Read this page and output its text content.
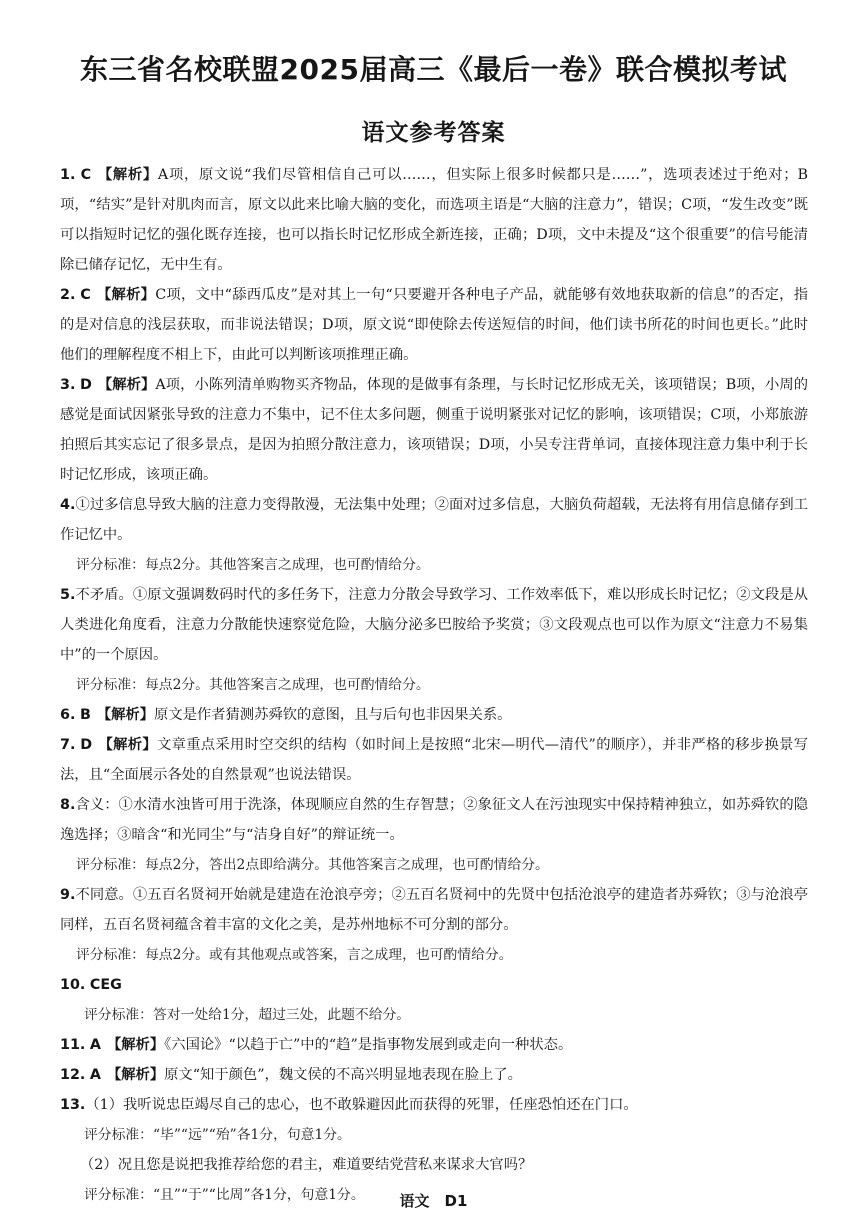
东三省名校联盟2025届高三《最后一卷》联合模拟考试
语文参考答案

1. C 【解析】A项，原文说“我们尽管相信自己可以……，但实际上很多时候都只是……”，选项表述过于绝对；B项，“结实”是针对肌肉而言，原文以此来比喻大脑的变化，而选项主语是“大脑的注意力”，错误；C项，“发生改变”既可以指短时记忆的强化既存连接，也可以指长时记忆形成全新连接，正确；D项，文中未提及“这个很重要”的信号能清除已储存记忆，无中生有。

2. C 【解析】C项，文中“舔西瓜皮”是对其上一句“只要避开各种电子产品，就能够有效地获取新的信息”的否定，指的是对信息的浅层获取，而非说法错误；D项，原文说“即使除去传送短信的时间，他们读书所花的时间也更长。”此时他们的理解程度不相上下，由此可以判断该项推理正确。

3. D 【解析】A项，小陈列清单购物买齐物品，体现的是做事有条理，与长时记忆形成无关，该项错误；B项，小周的感觉是面试因紧张导致的注意力不集中，记不住太多问题，侧重于说明紧张对记忆的影响，该项错误；C项，小郑旅游拍照后其实忘记了很多景点，是因为拍照分散注意力，该项错误；D项，小吴专注背单词，直接体现注意力集中利于长时记忆形成，该项正确。

4.①过多信息导致大脑的注意力变得散漫，无法集中处理；②面对过多信息，大脑负荷超载，无法将有用信息储存到工作记忆中。

评分标准：每点2分。其他答案言之成理，也可酌情给分。

5.不矛盾。①原文强调数码时代的多任务下，注意力分散会导致学习、工作效率低下，难以形成长时记忆；②文段是从人类进化角度看，注意力分散能快速察觉危险，大脑分泌多巴胺给予奖赏；③文段观点也可以作为原文“注意力不易集中”的一个原因。

评分标准：每点2分。其他答案言之成理，也可酌情给分。

6. B 【解析】原文是作者猜测苏舜钦的意图，且与后句也非因果关系。

7. D 【解析】文章重点采用时空交织的结构（如时间上是按照“北宋—明代—清代”的顺序），并非严格的移步换景写法，且“全面展示各处的自然景观”也说法错误。

8.含义：①水清水浊皆可用于洗涤，体现顺应自然的生存智慧；②象征文人在污浊现实中保持精神独立，如苏舜钦的隐逸选择；③暗含“和光同尘”与“洁身自好”的辩证统一。

评分标准：每点2分，答出2点即给满分。其他答案言之成理，也可酌情给分。

9.不同意。①五百名贤祠开始就是建造在沧浪亭旁；②五百名贤祠中的先贤中包括沧浪亭的建造者苏舜钦；③与沧浪亭同样，五百名贤祠蕴含着丰富的文化之美，是苏州地标不可分割的部分。

评分标准：每点2分。或有其他观点或答案，言之成理，也可酌情给分。

10. CEG

评分标准：答对一处给1分，超过三处，此题不给分。

11. A 【解析】《六国论》“以趋于亡”中的“趋”是指事物发展到或走向一种状态。

12. A 【解析】原文“知于颜色”，魏文侯的不高兴明显地表现在脸上了。

13.（1）我听说忠臣竭尽自己的忠心，也不敢躲避因此而获得的死罪，任座恐怕还在门口。

评分标准：“毕”“远”“殆”各1分，句意1分。

（2）况且您是说把我推荐给您的君主，难道要结党营私来谋求大官吗？

评分标准：“且”“于”“比周”各1分，句意1分。	语文　D1
